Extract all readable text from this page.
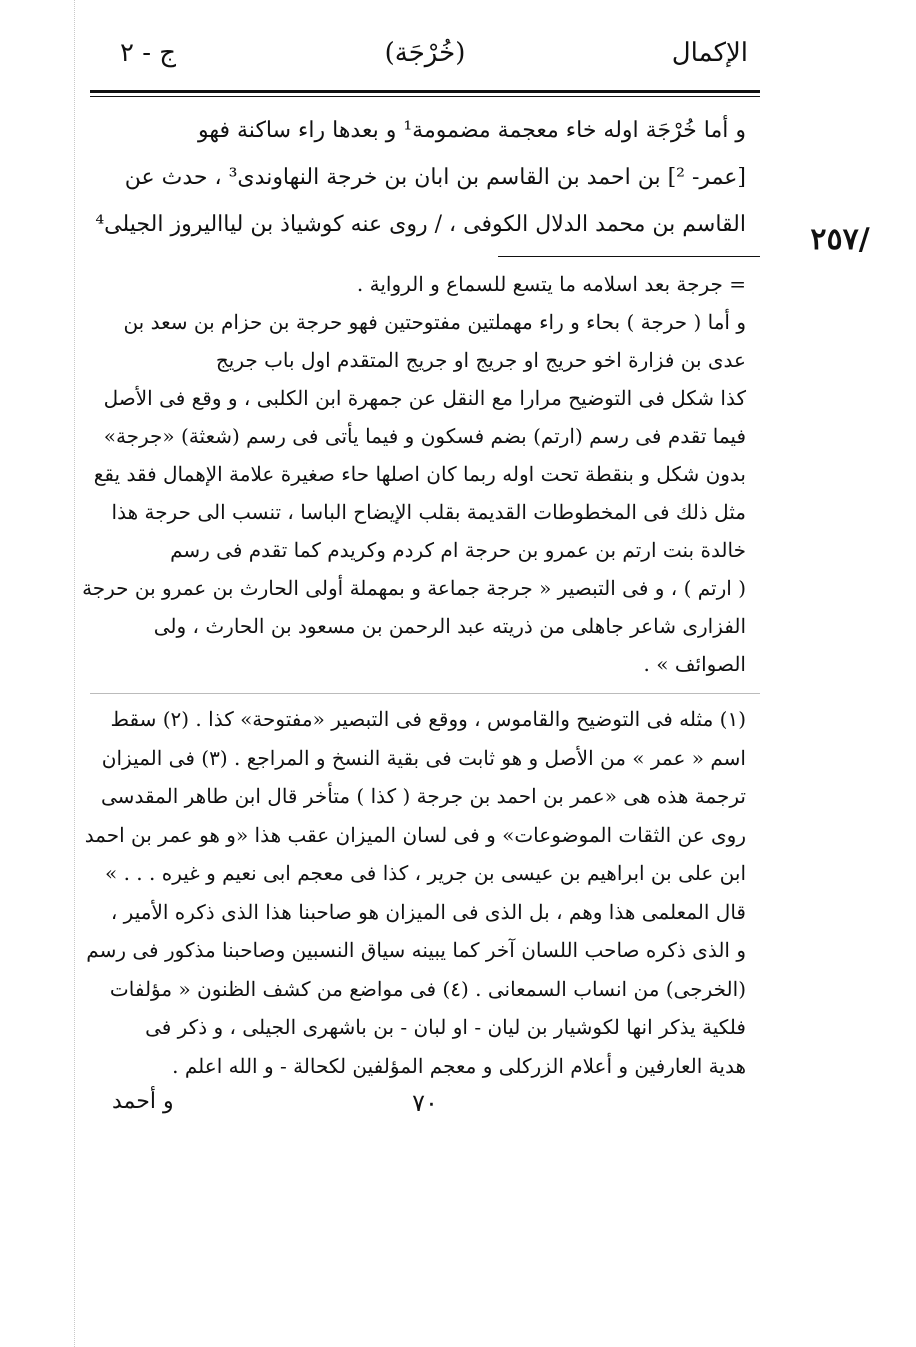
/٢٥٧
الإكمال
(خُرْجَة)
ج - ٢

و أما خُرْجَة اوله خاء معجمة مضمومة¹ و بعدها راء ساكنة فهو

[عمر- ²] بن احمد بن القاسم بن ابان بن خرجة النهاوندى³ ، حدث عن

القاسم بن محمد الدلال الكوفى ، / روى عنه كوشياذ بن ليااليروز الجيلى⁴

= جرجة بعد اسلامه ما يتسع للسماع و الرواية .

و أما ( حرجة ) بحاء و راء مهملتين مفتوحتين فهو حرجة بن حزام بن سعد بن

عدى بن فزارة اخو حريج او جريج او جريج المتقدم اول باب جريج

كذا شكل فى التوضيح مرارا مع النقل عن جمهرة ابن الكلبى ، و وقع فى الأصل

فيما تقدم فى رسم (ارتم) بضم فسكون و فيما يأتى فى رسم (شعثة) «جرجة»

بدون شكل و بنقطة تحت اوله ربما كان اصلها حاء صغيرة علامة الإهمال فقد يقع

مثل ذلك فى المخطوطات القديمة بقلب الإيضاح الباسا ، تنسب الى حرجة هذا

خالدة بنت ارتم بن عمرو بن حرجة ام كردم وكريدم كما تقدم فى رسم

( ارتم ) ، و فى التبصير « جرجة جماعة و بمهملة أولى الحارث بن عمرو بن حرجة

الفزارى شاعر جاهلى من ذريته عبد الرحمن بن مسعود بن الحارث ، ولى

الصوائف » .

(١) مثله فى التوضيح والقاموس ، ووقع فى التبصير «مفتوحة» كذا . (٢) سقط

اسم « عمر » من الأصل و هو ثابت فى بقية النسخ و المراجع . (٣) فى الميزان

ترجمة هذه هى «عمر بن احمد بن جرجة ( كذا ) متأخر قال ابن طاهر المقدسى

روى عن الثقات الموضوعات» و فى لسان الميزان عقب هذا «و هو عمر بن احمد

ابن على بن ابراهيم بن عيسى بن جرير ، كذا فى معجم ابى نعيم و غيره . . . »

قال المعلمى هذا وهم ، بل الذى فى الميزان هو صاحبنا هذا الذى ذكره الأمير ،

و الذى ذكره صاحب اللسان آخر كما يبينه سياق النسبين وصاحبنا مذكور فى رسم

(الخرجى) من انساب السمعانى . (٤) فى مواضع من كشف الظنون « مؤلفات

فلكية يذكر انها لكوشيار بن ليان - او لبان - بن باشهرى الجيلى ، و ذكر فى

هدية العارفين و أعلام الزركلى و معجم المؤلفين لكحالة - و الله اعلم .

٧٠
و أحمد
